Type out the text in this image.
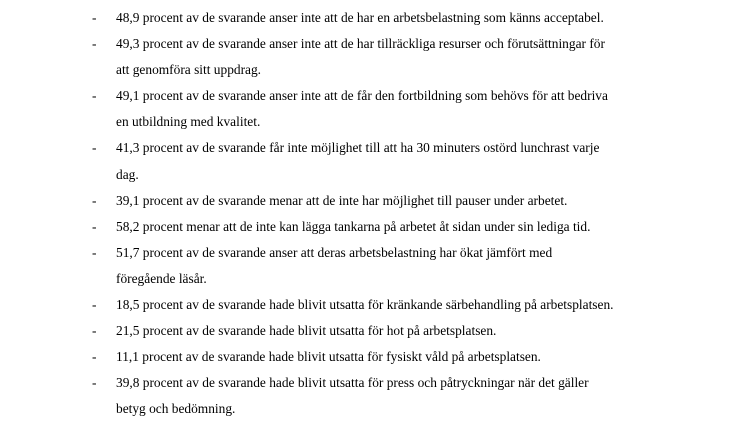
-	48,9 procent av de svarande anser inte att de har en arbetsbelastning som känns acceptabel.
-	49,3 procent av de svarande anser inte att de har tillräckliga resurser och förutsättningar för
att genomföra sitt uppdrag.
-	49,1 procent av de svarande anser inte att de får den fortbildning som behövs för att bedriva
en utbildning med kvalitet.
-	41,3 procent av de svarande får inte möjlighet till att ha 30 minuters ostörd lunchrast varje
dag.
-	39,1 procent av de svarande menar att de inte har möjlighet till pauser under arbetet.
-	58,2 procent menar att de inte kan lägga tankarna på arbetet åt sidan under sin lediga tid.
-	51,7 procent av de svarande anser att deras arbetsbelastning har ökat jämfört med
föregående läsår.
-	18,5 procent av de svarande hade blivit utsatta för kränkande särbehandling på arbetsplatsen.
-	21,5 procent av de svarande hade blivit utsatta för hot på arbetsplatsen.
-	11,1 procent av de svarande hade blivit utsatta för fysiskt våld på arbetsplatsen.
-	39,8 procent av de svarande hade blivit utsatta för press och påtryckningar när det gäller
betyg och bedömning.
